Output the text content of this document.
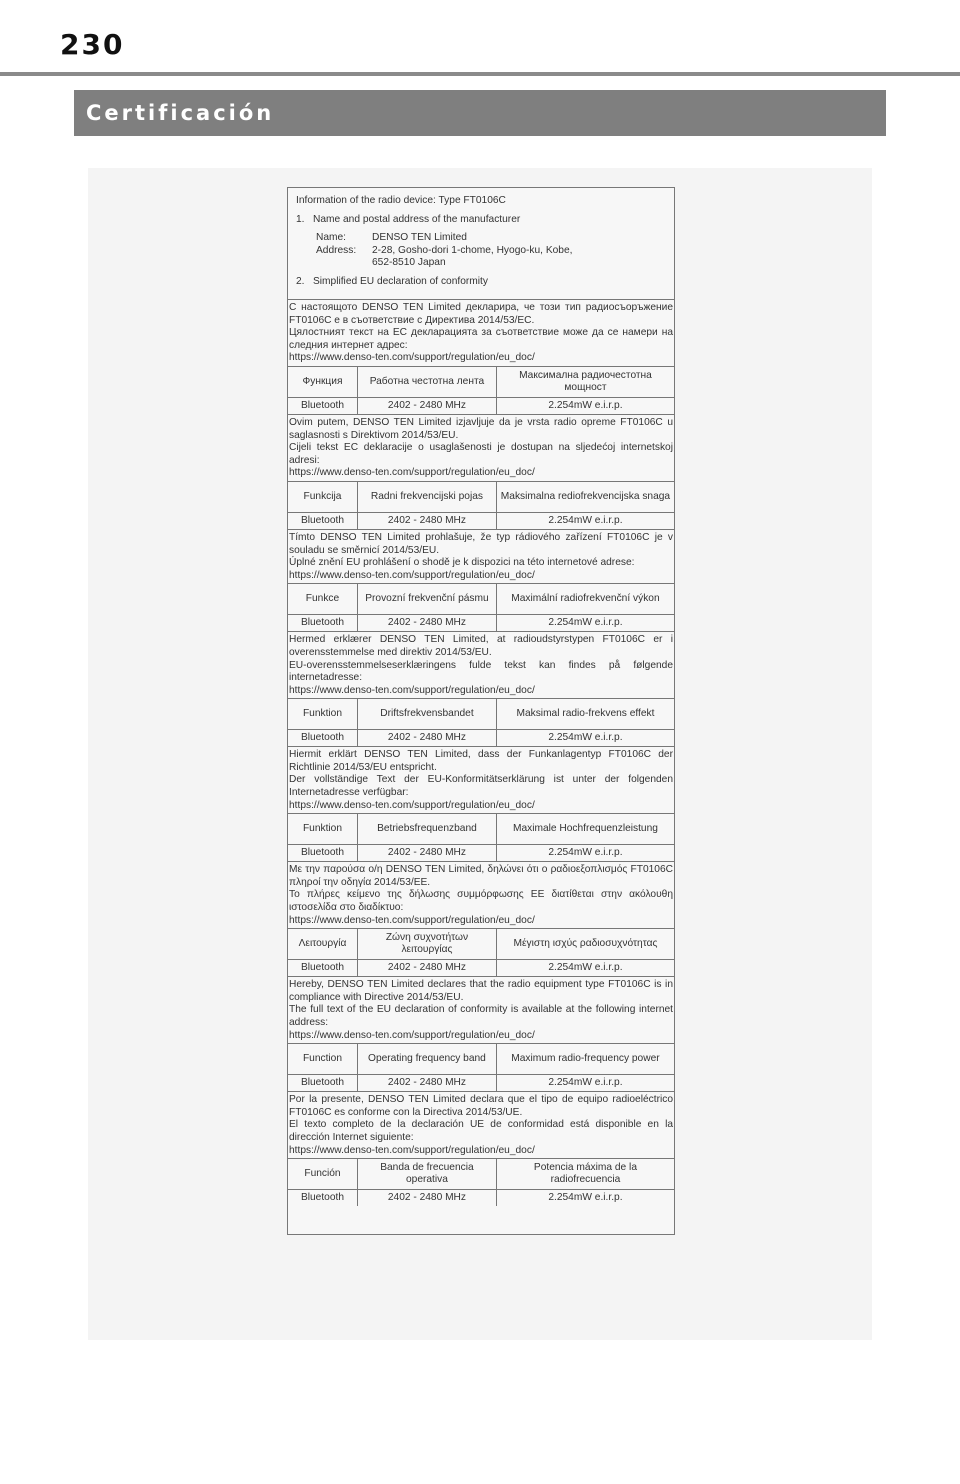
230
Certificación

Information of the radio device: Type FT0106C

1.   Name and postal address of the manufacturer

Name:	DENSO TEN Limited
Address:	2-28, Gosho-dori 1-chome, Hyogo-ku, Kobe,
652-8510 Japan

2.   Simplified EU declaration of conformity

С настоящото DENSO TEN Limited декларира, че този тип радиосъоръжение FT0106C е в съответствие с Директива 2014/53/ЕС.

Цялостният текст на ЕС декларацията за съответствие може да се намери на следния интернет адрес:

https://www.denso-ten.com/support/regulation/eu_doc/

Функция	Работна честотна лента	Максимална радиочестотна мощност
Bluetooth	2402 - 2480 MHz	2.254mW e.i.r.p.

Ovim putem, DENSO TEN Limited izjavljuje da je vrsta radio opreme FT0106C u saglasnosti s Direktivom 2014/53/EU.

Cijeli tekst EC deklaracije o usaglašenosti je dostupan na sljedećoj internetskoj adresi:

https://www.denso-ten.com/support/regulation/eu_doc/

Funkcija	Radni frekvencijski pojas	Maksimalna rediofrekvencijska snaga
Bluetooth	2402 - 2480 MHz	2.254mW e.i.r.p.

Tímto DENSO TEN Limited prohlašuje, že typ rádiového zařízení FT0106C je v souladu se směrnicí 2014/53/EU.

Úplné znění EU prohlášení o shodě je k dispozici na této internetové adrese:

https://www.denso-ten.com/support/regulation/eu_doc/

Funkce	Provozní frekvenční pásmu	Maximální radiofrekvenční výkon
Bluetooth	2402 - 2480 MHz	2.254mW e.i.r.p.

Hermed erklærer DENSO TEN Limited, at radioudstyrstypen FT0106C er i overensstemmelse med direktiv 2014/53/EU.

EU-overensstemmelseserklæringens fulde tekst kan findes på følgende internetadresse:

https://www.denso-ten.com/support/regulation/eu_doc/

Funktion	Driftsfrekvensbandet	Maksimal radio-frekvens effekt
Bluetooth	2402 - 2480 MHz	2.254mW e.i.r.p.

Hiermit erklärt DENSO TEN Limited, dass der Funkanlagentyp FT0106C der Richtlinie 2014/53/EU entspricht.

Der vollständige Text der EU-Konformitätserklärung ist unter der folgenden Internetadresse verfügbar:

https://www.denso-ten.com/support/regulation/eu_doc/

Funktion	Betriebsfrequenzband	Maximale Hochfrequenzleistung
Bluetooth	2402 - 2480 MHz	2.254mW e.i.r.p.

Με την παρούσα ο/η DENSO TEN Limited, δηλώνει ότι ο ραδιοεξοπλισμός FT0106C πληροί την οδηγία 2014/53/ΕΕ.

Το πλήρες κείμενο της δήλωσης συμμόρφωσης ΕΕ διατίθεται στην ακόλουθη ιστοσελίδα στο διαδίκτυο:

https://www.denso-ten.com/support/regulation/eu_doc/

Λειτουργία	Ζώνη συχνοτήτων λειτουργίας	Μέγιστη ισχύς ραδιοσυχνότητας
Bluetooth	2402 - 2480 MHz	2.254mW e.i.r.p.

Hereby, DENSO TEN Limited declares that the radio equipment type FT0106C is in compliance with Directive 2014/53/EU.

The full text of the EU declaration of conformity is available at the following internet address:

https://www.denso-ten.com/support/regulation/eu_doc/

Function	Operating frequency band	Maximum radio-frequency power
Bluetooth	2402 - 2480 MHz	2.254mW e.i.r.p.

Por la presente, DENSO TEN Limited declara que el tipo de equipo radioeléctrico FT0106C es conforme con la Directiva 2014/53/UE.

El texto completo de la declaración UE de conformidad está disponible en la dirección Internet siguiente:

https://www.denso-ten.com/support/regulation/eu_doc/

Función	Banda de frecuencia operativa	Potencia máxima de la radiofrecuencia
Bluetooth	2402 - 2480 MHz	2.254mW e.i.r.p.
